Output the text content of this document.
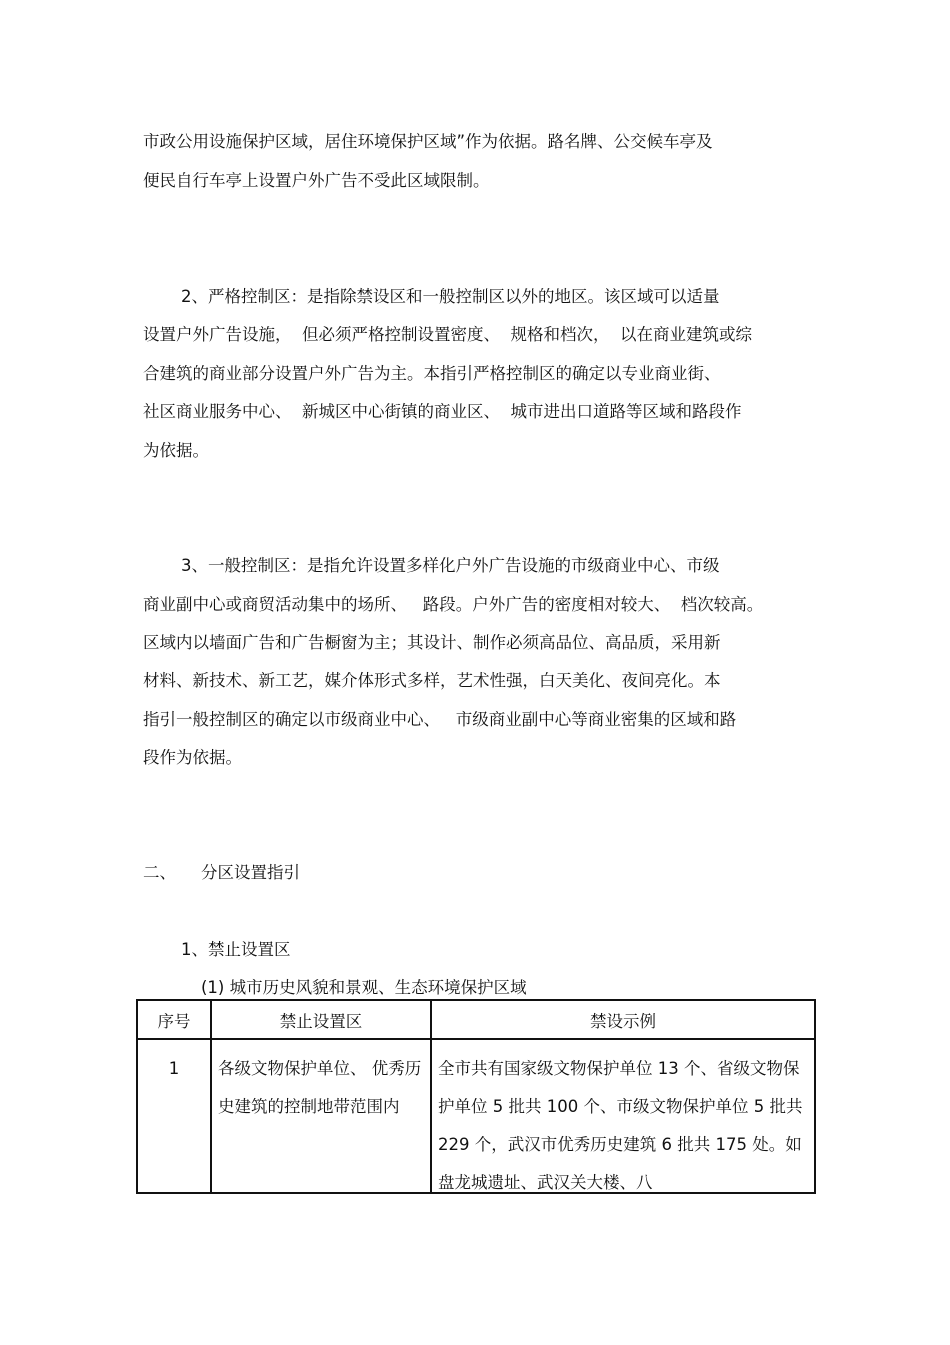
市政公用设施保护区域，居住环境保护区域”作为依据。路名牌、公交候车亭及

便民自行车亭上设置户外广告不受此区域限制。

2、严格控制区：是指除禁设区和一般控制区以外的地区。该区域可以适量

设置户外广告设施，  但必须严格控制设置密度、  规格和档次，  以在商业建筑或综

合建筑的商业部分设置户外广告为主。本指引严格控制区的确定以专业商业街、

社区商业服务中心、  新城区中心街镇的商业区、  城市进出口道路等区域和路段作

为依据。

3、一般控制区：是指允许设置多样化户外广告设施的市级商业中心、市级

商业副中心或商贸活动集中的场所、   路段。户外广告的密度相对较大、  档次较高。

区域内以墙面广告和广告橱窗为主；其设计、制作必须高品位、高品质，采用新

材料、新技术、新工艺，媒介体形式多样，艺术性强，白天美化、夜间亮化。本

指引一般控制区的确定以市级商业中心、   市级商业副中心等商业密集的区域和路

段作为依据。

二、 分区设置指引

1、禁止设置区

(1) 城市历史风貌和景观、生态环境保护区域

序号	禁止设置区	禁设示例

1	各级文物保护单位、 优秀历史建筑的控制地带范围内	全市共有国家级文物保护单位 13 个、省级文物保护单位 5 批共 100 个、市级文物保护单位 5 批共 229 个，武汉市优秀历史建筑 6 批共 175 处。如盘龙城遗址、武汉关大楼、八
